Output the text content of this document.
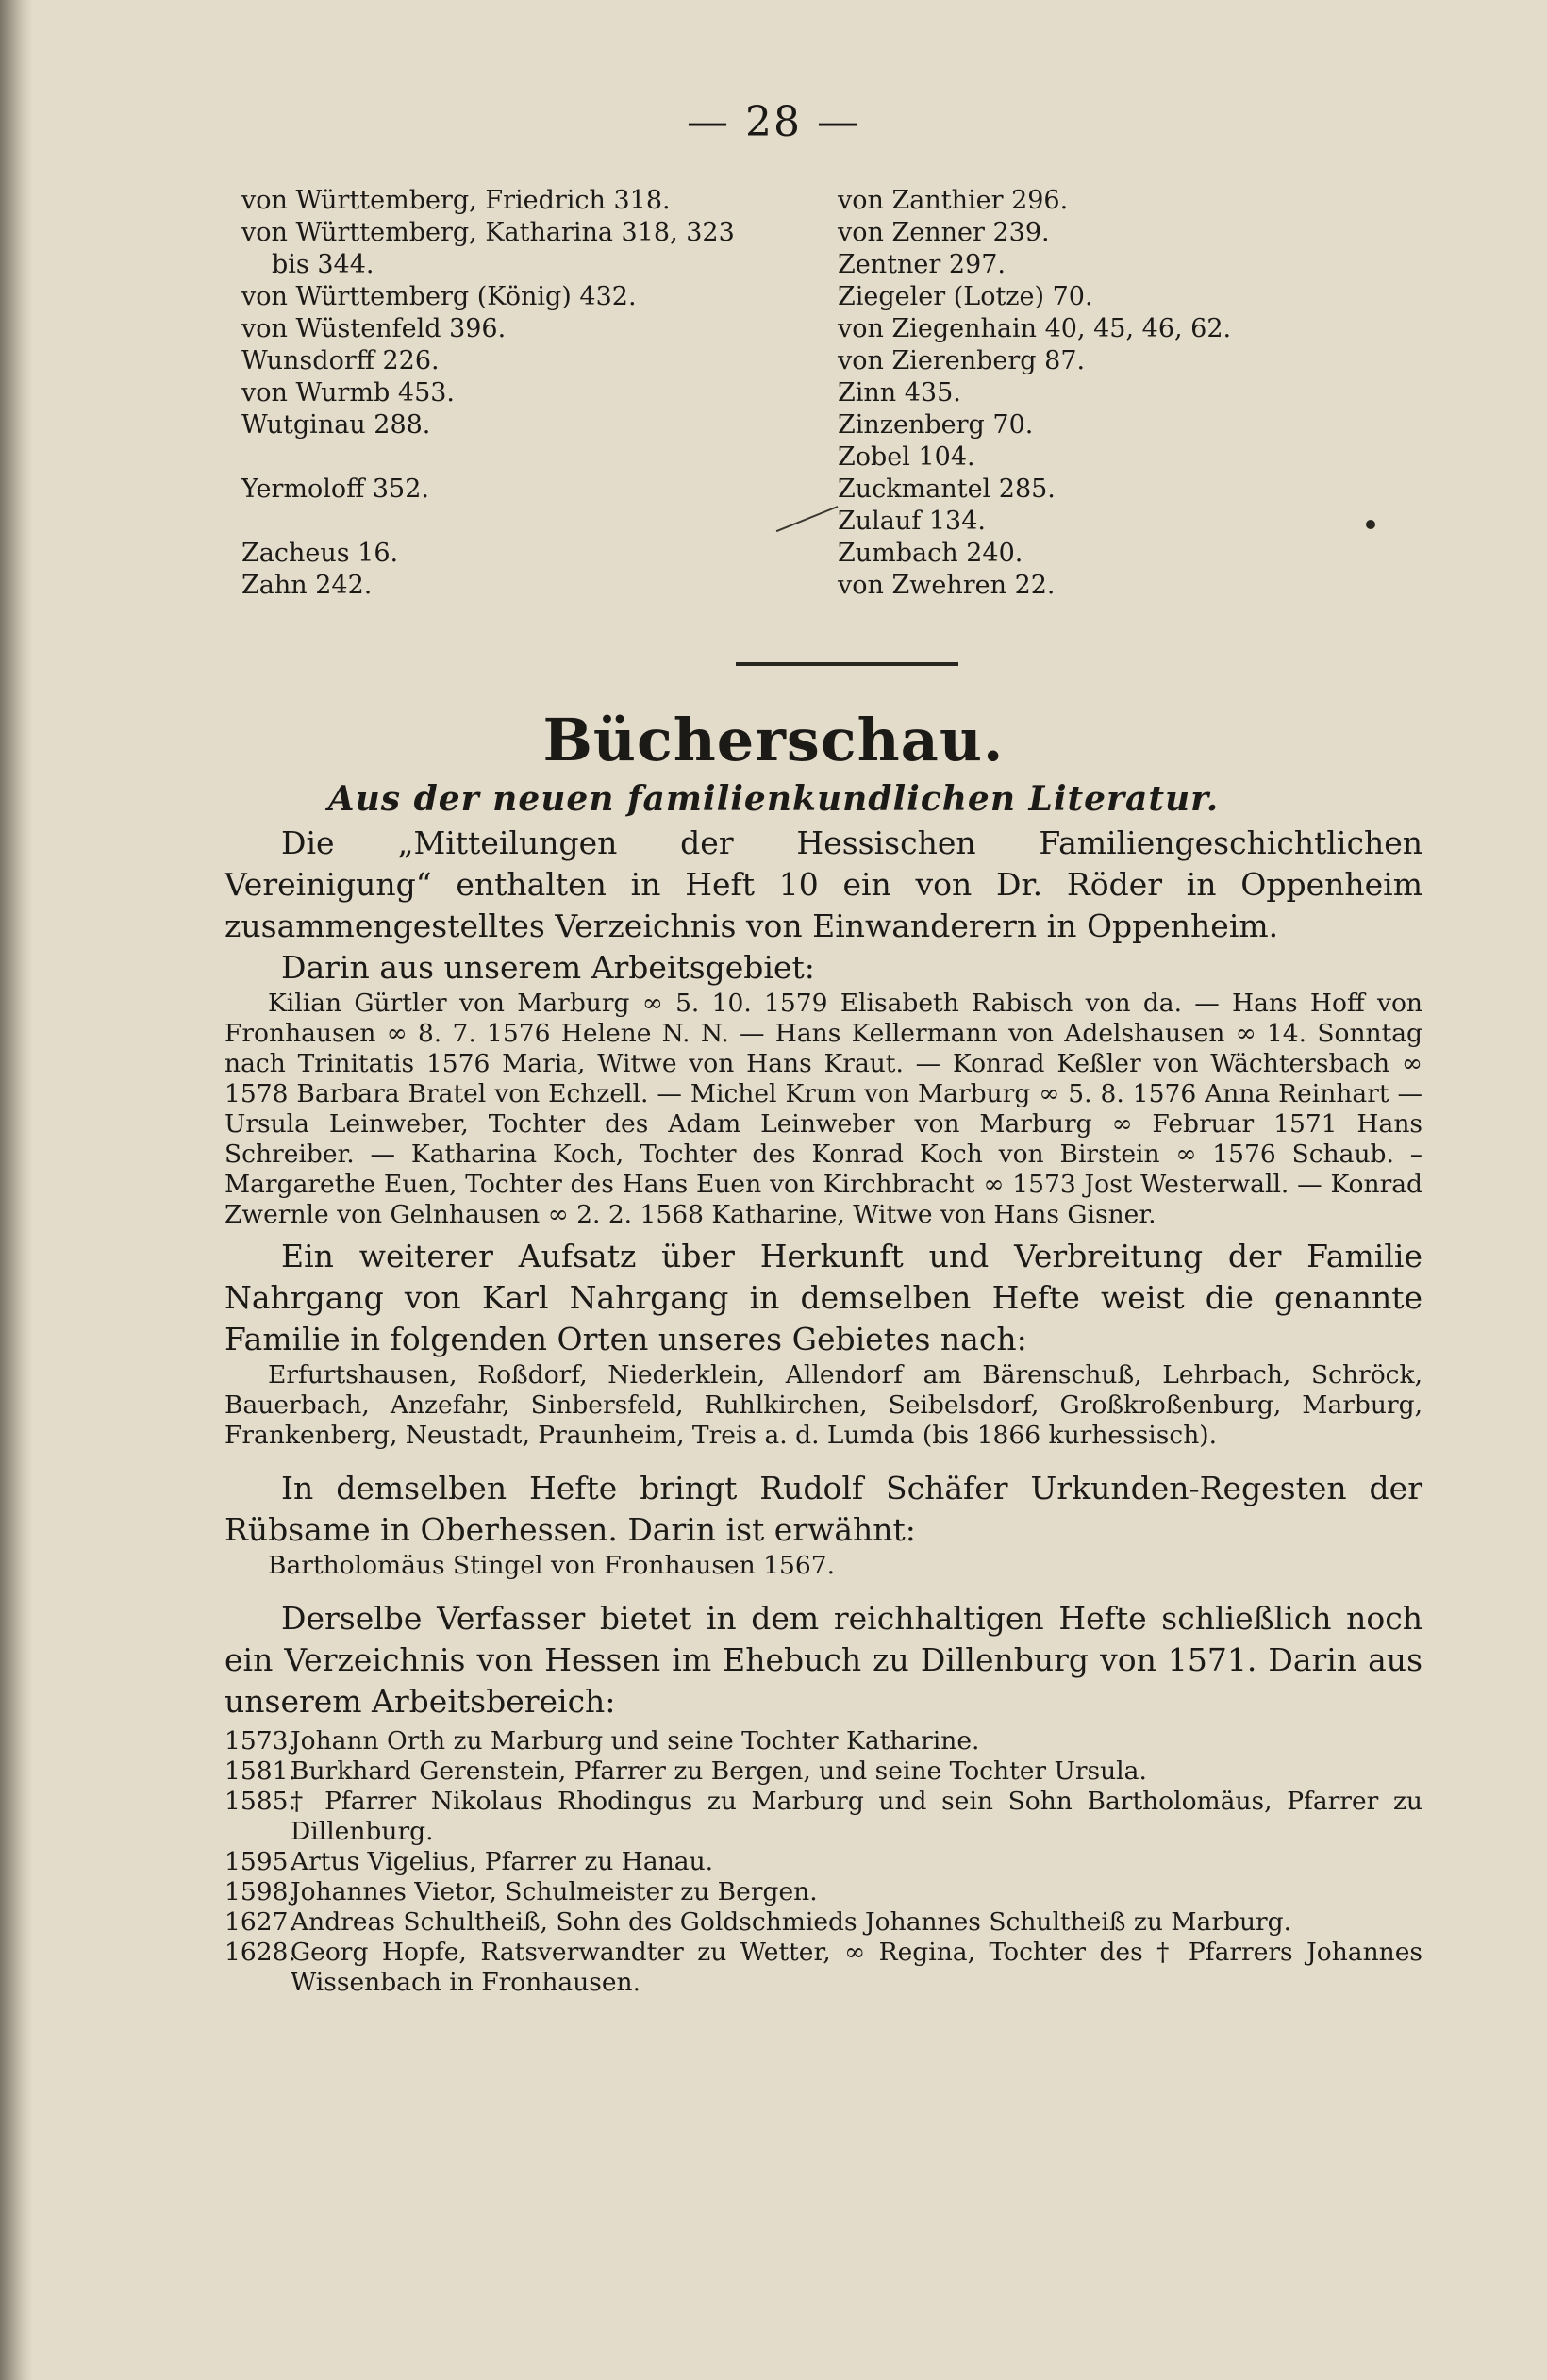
— 28 —
von Württemberg, Friedrich 318.
von Württemberg, Katharina 318, 323
bis 344.
von Württemberg (König) 432.
von Wüstenfeld 396.
Wunsdorff 226.
von Wurmb 453.
Wutginau 288.
Yermoloff 352.
Zacheus 16.
Zahn 242.
von Zanthier 296.
von Zenner 239.
Zentner 297.
Ziegeler (Lotze) 70.
von Ziegenhain 40, 45, 46, 62.
von Zierenberg 87.
Zinn 435.
Zinzenberg 70.
Zobel 104.
Zuckmantel 285.
Zulauf 134.
Zumbach 240.
von Zwehren 22.
Bücherschau.
Aus der neuen familienkundlichen Literatur.

Die „Mitteilungen der Hessischen Familiengeschichtlichen Vereinigung“ enthalten in Heft 10 ein von Dr. Röder in Oppenheim zusammengestelltes Verzeichnis von Einwanderern in Oppenheim.

Darin aus unserem Arbeitsgebiet:

Kilian Gürtler von Marburg ∞ 5. 10. 1579 Elisabeth Rabisch von da. — Hans Hoff von Fronhausen ∞ 8. 7. 1576 Helene N. N. — Hans Kellermann von Adelshausen ∞ 14. Sonntag nach Trinitatis 1576 Maria, Witwe von Hans Kraut. — Konrad Keßler von Wächtersbach ∞ 1578 Barbara Bratel von Echzell. — Michel Krum von Marburg ∞ 5. 8. 1576 Anna Reinhart — Ursula Leinweber, Tochter des Adam Leinweber von Marburg ∞ Februar 1571 Hans Schreiber. — Katharina Koch, Tochter des Konrad Koch von Birstein ∞ 1576 Schaub. – Margarethe Euen, Tochter des Hans Euen von Kirchbracht ∞ 1573 Jost Westerwall. — Konrad Zwernle von Gelnhausen ∞ 2. 2. 1568 Katharine, Witwe von Hans Gisner.

Ein weiterer Aufsatz über Herkunft und Verbreitung der Familie Nahrgang von Karl Nahrgang in demselben Hefte weist die genannte Familie in folgenden Orten unseres Gebietes nach:

Erfurtshausen, Roßdorf, Niederklein, Allendorf am Bärenschuß, Lehrbach, Schröck, Bauerbach, Anzefahr, Sinbersfeld, Ruhlkirchen, Seibelsdorf, Großkroßenburg, Marburg, Frankenberg, Neustadt, Praunheim, Treis a. d. Lumda (bis 1866 kurhessisch).

In demselben Hefte bringt Rudolf Schäfer Urkunden-Regesten der Rübsame in Oberhessen. Darin ist erwähnt:

Bartholomäus Stingel von Fronhausen 1567.

Derselbe Verfasser bietet in dem reichhaltigen Hefte schließlich noch ein Verzeichnis von Hessen im Ehebuch zu Dillenburg von 1571. Darin aus unserem Arbeitsbereich:

1573.
Johann Orth zu Marburg und seine Tochter Katharine.
1581.
Burkhard Gerenstein, Pfarrer zu Bergen, und seine Tochter Ursula.
1585.
† Pfarrer Nikolaus Rhodingus zu Marburg und sein Sohn Bartholomäus, Pfarrer zu Dillenburg.
1595.
Artus Vigelius, Pfarrer zu Hanau.
1598.
Johannes Vietor, Schulmeister zu Bergen.
1627.
Andreas Schultheiß, Sohn des Goldschmieds Johannes Schultheiß zu Marburg.
1628.
Georg Hopfe, Ratsverwandter zu Wetter, ∞ Regina, Tochter des † Pfarrers Johannes Wissenbach in Fronhausen.
